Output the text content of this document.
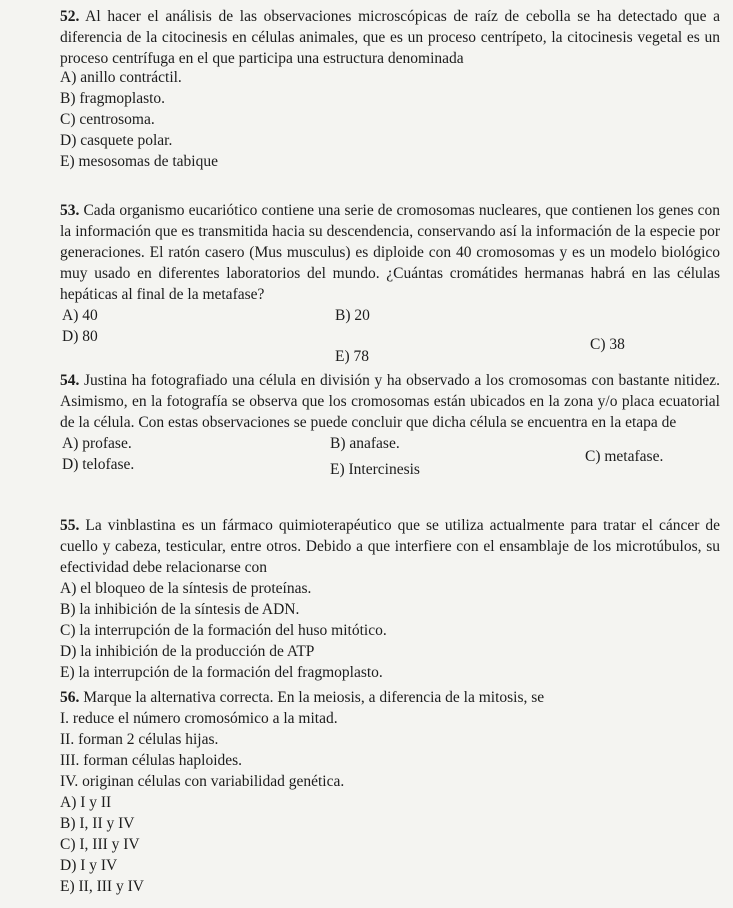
52. Al hacer el análisis de las observaciones microscópicas de raíz de cebolla se ha detectado que a diferencia de la citocinesis en células animales, que es un proceso centrípeto, la citocinesis vegetal es un proceso centrífuga en el que participa una estructura denominada
A) anillo contráctil.
B) fragmoplasto.
C) centrosoma.
D) casquete polar.
E) mesosomas de tabique
53. Cada organismo eucariótico contiene una serie de cromosomas nucleares, que contienen los genes con la información que es transmitida hacia su descendencia, conservando así la información de la especie por generaciones. El ratón casero (Mus musculus) es diploide con 40 cromosomas y es un modelo biológico muy usado en diferentes laboratorios del mundo. ¿Cuántas cromátides hermanas habrá en las células hepáticas al final de la metafase?
A) 40	B) 20
D) 80	C) 38
E) 78
54. Justina ha fotografiado una célula en división y ha observado a los cromosomas con bastante nitidez. Asimismo, en la fotografía se observa que los cromosomas están ubicados en la zona y/o placa ecuatorial de la célula. Con estas observaciones se puede concluir que dicha célula se encuentra en la etapa de
A) profase.	B) anafase.
D) telofase.	C) metafase.
E) Intercinesis
55. La vinblastina es un fármaco quimioterapéutico que se utiliza actualmente para tratar el cáncer de cuello y cabeza, testicular, entre otros. Debido a que interfiere con el ensamblaje de los microtúbulos, su efectividad debe relacionarse con
A) el bloqueo de la síntesis de proteínas.
B) la inhibición de la síntesis de ADN.
C) la interrupción de la formación del huso mitótico.
D) la inhibición de la producción de ATP
E) la interrupción de la formación del fragmoplasto.
56. Marque la alternativa correcta. En la meiosis, a diferencia de la mitosis, se
I. reduce el número cromosómico a la mitad.
II. forman 2 células hijas.
III. forman células haploides.
IV. originan células con variabilidad genética.
A) I y II
B) I, II y IV
C) I, III y IV
D) I y IV
E) II, III y IV
